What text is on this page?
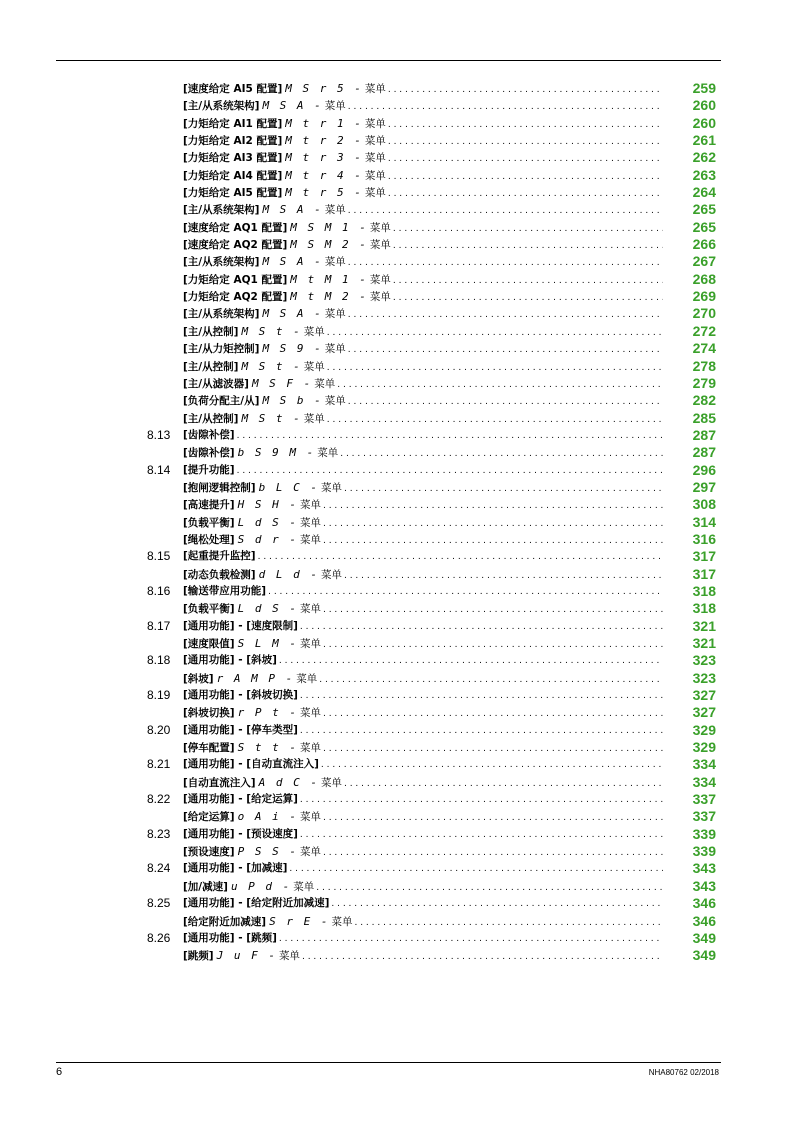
[速度给定 AI5 配置] M S r 5 - 菜单 . . .	259
[主/从系统架构] M S A - 菜单 . . .	260
[力矩给定 AI1 配置] M t r 1 - 菜单 . . .	260
[力矩给定 AI2 配置] M t r 2 - 菜单 . . .	261
[力矩给定 AI3 配置] M t r 3 - 菜单 . . .	262
[力矩给定 AI4 配置] M t r 4 - 菜单 . . .	263
[力矩给定 AI5 配置] M t r 5 - 菜单 . . .	264
[主/从系统架构] M S A - 菜单 . . .	265
[速度给定 AQ1 配置] M S M 1 - 菜单 . . .	265
[速度给定 AQ2 配置] M S M 2 - 菜单 . . .	266
[主/从系统架构] M S A - 菜单 . . .	267
[力矩给定 AQ1 配置] M t M 1 - 菜单 . . .	268
[力矩给定 AQ2 配置] M t M 2 - 菜单 . . .	269
[主/从系统架构] M S A - 菜单 . . .	270
[主/从控制] M S t - 菜单 . . .	272
[主/从力矩控制] M S 9 - 菜单 . . .	274
[主/从控制] M S t - 菜单 . . .	278
[主/从滤波器] M S F - 菜单 . . .	279
[负荷分配主/从] M S b - 菜单 . . .	282
[主/从控制] M S t - 菜单 . . .	285
8.13 [齿隙补偿] . . .	287
[齿隙补偿] b S 9 M - 菜单 . . .	287
8.14 [提升功能] . . .	296
[抱闸逻辑控制] b L C - 菜单 . . .	297
[高速提升] H S H - 菜单 . . .	308
[负载平衡] L d S - 菜单 . . .	314
[绳松处理] S d r - 菜单 . . .	316
8.15 [起重提升监控] . . .	317
[动态负载检测] d L d - 菜单 . . .	317
8.16 [输送带应用功能] . . .	318
[负载平衡] L d S - 菜单 . . .	318
8.17 [通用功能] - [速度限制] . . .	321
[速度限值] S L M - 菜单 . . .	321
8.18 [通用功能] - [斜坡] . . .	323
[斜坡] r A M P - 菜单 . . .	323
8.19 [通用功能] - [斜坡切换] . . .	327
[斜坡切换] r P t - 菜单 . . .	327
8.20 [通用功能] - [停车类型] . . .	329
[停车配置] S t t - 菜单 . . .	329
8.21 [通用功能] - [自动直流注入] . . .	334
[自动直流注入] A d C - 菜单 . . .	334
8.22 [通用功能] - [给定运算] . . .	337
[给定运算] o A i - 菜单 . . .	337
8.23 [通用功能] - [预设速度] . . .	339
[预设速度] P S S - 菜单 . . .	339
8.24 [通用功能] - [加减速] . . .	343
[加/减速] u P d - 菜单 . . .	343
8.25 [通用功能] - [给定附近加减速] . . .	346
[给定附近加减速] S r E - 菜单 . . .	346
8.26 [通用功能] - [跳频] . . .	349
[跳频] J u F - 菜单 . . .	349
6	NHA80762 02/2018
